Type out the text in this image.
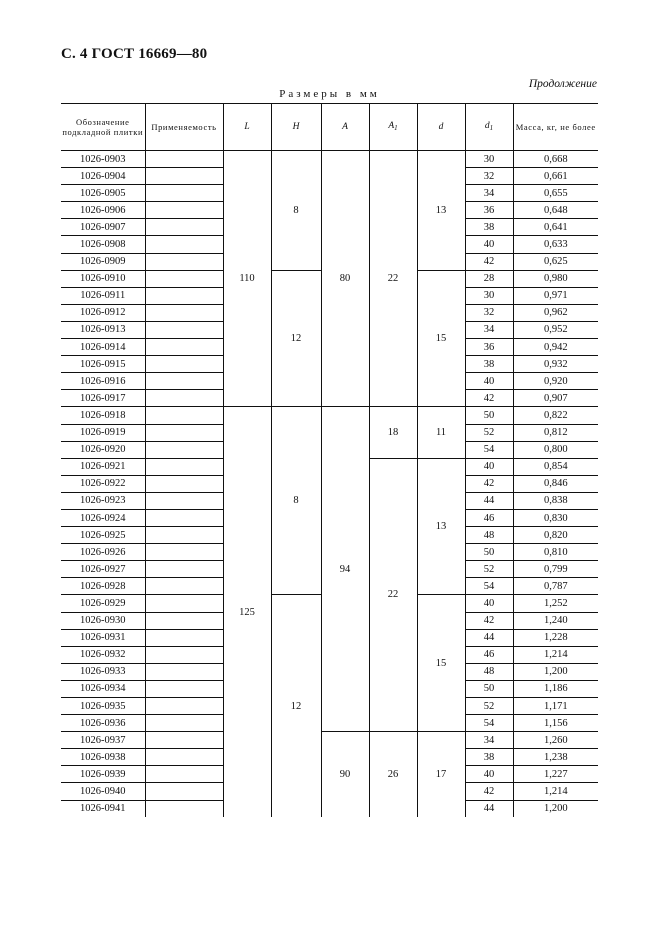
С. 4 ГОСТ 16669—80
Продолжение
Размеры в мм
Обозначение подкладной плитки	Применяемость	L	H	A	$A_1$	d	$d_1$	Масса, кг, не более
1026-0903		110	8	80	22	13	30	0,668
1026-0904							32	0,661
1026-0905							34	0,655
1026-0906							36	0,648
1026-0907							38	0,641
1026-0908							40	0,633
1026-0909							42	0,625
1026-0910			12			15	28	0,980
1026-0911							30	0,971
1026-0912							32	0,962
1026-0913							34	0,952
1026-0914							36	0,942
1026-0915							38	0,932
1026-0916							40	0,920
1026-0917							42	0,907
1026-0918		125	8	94	18	11	50	0,822
1026-0919							52	0,812
1026-0920							54	0,800
1026-0921					22	13	40	0,854
1026-0922							42	0,846
1026-0923							44	0,838
1026-0924							46	0,830
1026-0925							48	0,820
1026-0926							50	0,810
1026-0927							52	0,799
1026-0928							54	0,787
1026-0929			12			15	40	1,252
1026-0930							42	1,240
1026-0931							44	1,228
1026-0932							46	1,214
1026-0933							48	1,200
1026-0934							50	1,186
1026-0935							52	1,171
1026-0936							54	1,156
1026-0937				90	26	17	34	1,260
1026-0938							38	1,238
1026-0939							40	1,227
1026-0940							42	1,214
1026-0941							44	1,200
